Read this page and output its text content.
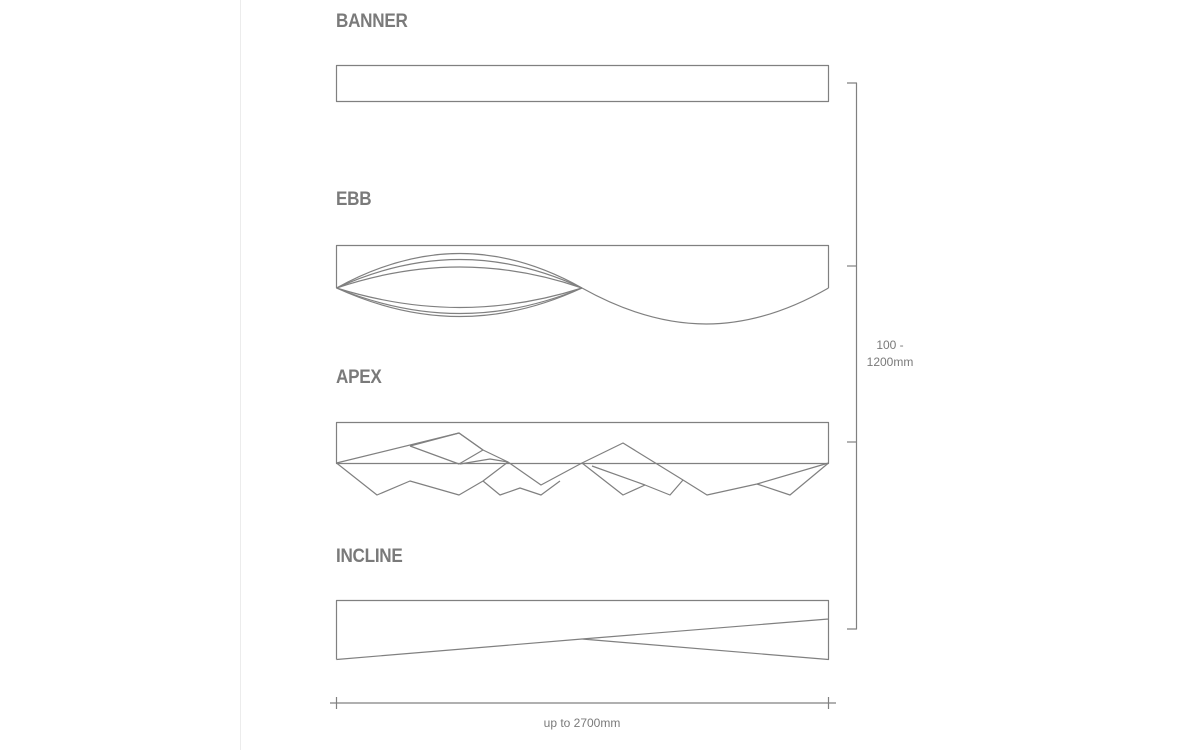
BANNER
EBB
APEX
INCLINE
100 -
1200mm
up to 2700mm
